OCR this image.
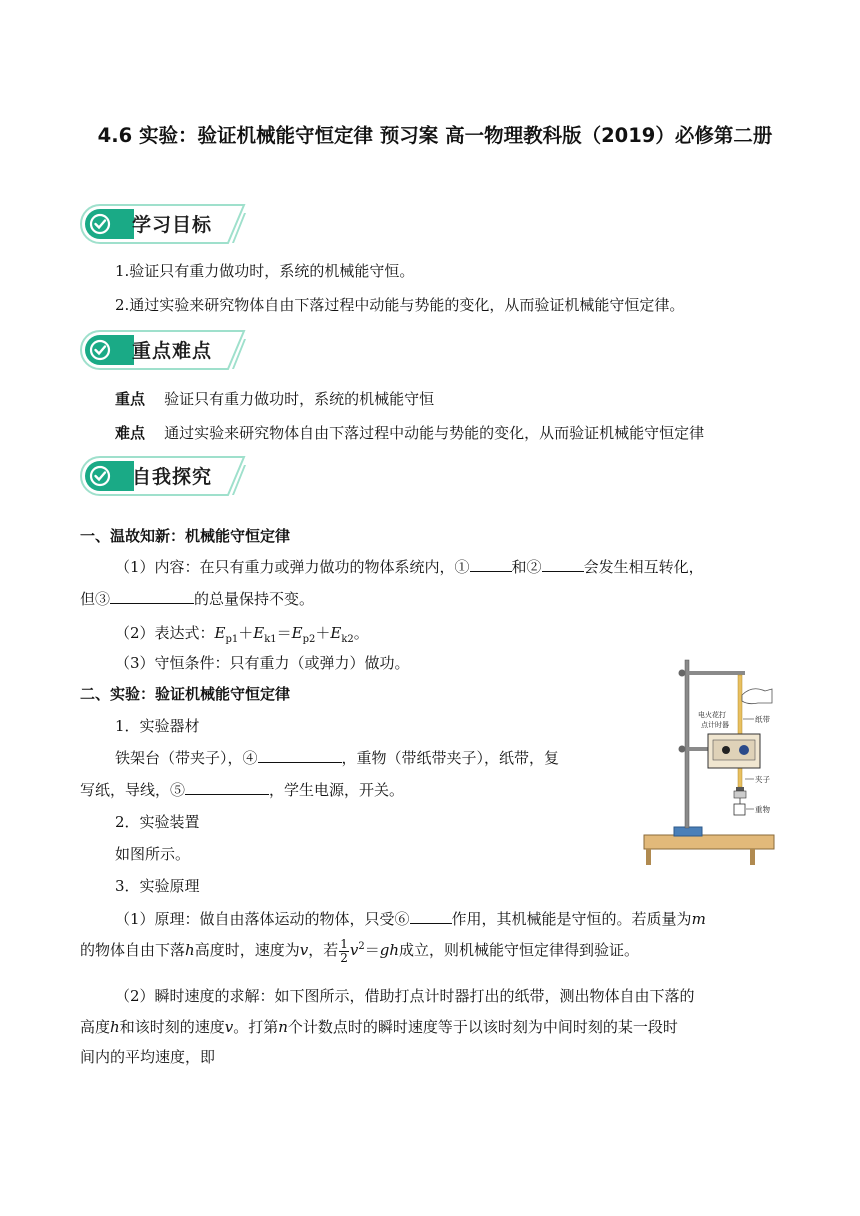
4.6 实验：验证机械能守恒定律 预习案 高一物理教科版（2019）必修第二册
学习目标
1.验证只有重力做功时，系统的机械能守恒。
2.通过实验来研究物体自由下落过程中动能与势能的变化，从而验证机械能守恒定律。
重点难点
重点 验证只有重力做功时，系统的机械能守恒
难点 通过实验来研究物体自由下落过程中动能与势能的变化，从而验证机械能守恒定律
自我探究
一、温故知新：机械能守恒定律
（1）内容：在只有重力或弹力做功的物体系统内，①	和②	会发生相互转化，
但③	的总量保持不变。
（2）表达式：$E_{p1}+E_{k1}=E_{p2}+E_{k2}$。
（3）守恒条件：只有重力（或弹力）做功。
二、实验：验证机械能守恒定律
1．实验器材
铁架台（带夹子），④	，重物（带纸带夹子），纸带，复
写纸，导线，⑤	，学生电源，开关。
2．实验装置
如图所示。
3．实验原理
（1）原理：做自由落体运动的物体，只受⑥	作用，其机械能是守恒的。若质量为m
的物体自由下落h高度时，速度为v，若 $\frac{1}{2} v^2=gh$成立，则机械能守恒定律得到验证。
（2）瞬时速度的求解：如下图所示，借助打点计时器打出的纸带，测出物体自由下落的
高度h和该时刻的速度v。打第n个计数点时的瞬时速度等于以该时刻为中间时刻的某一段时
间内的平均速度，即
纸带
电火花打
点计时器
夹子
重物
